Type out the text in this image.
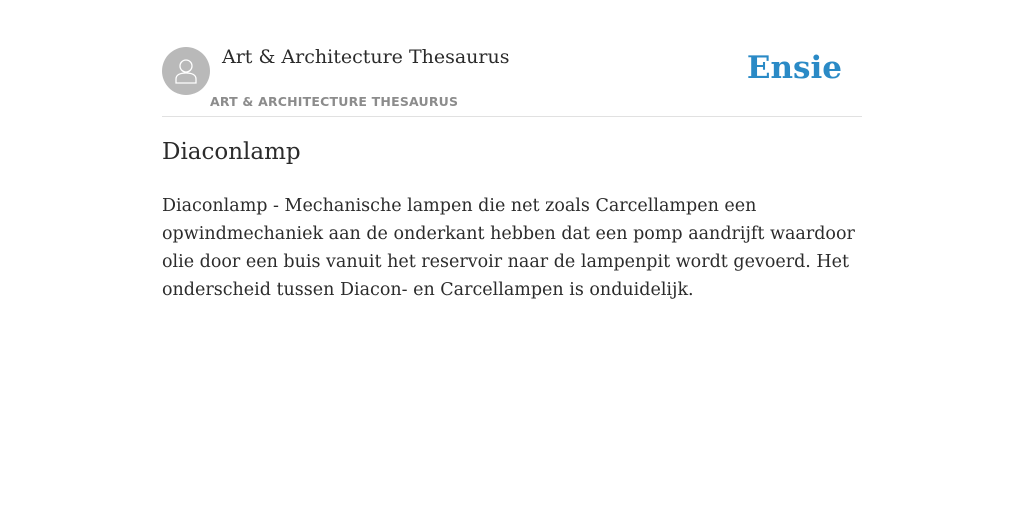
Art & Architecture Thesaurus
ART & ARCHITECTURE THESAURUS
Ensie
Diaconlamp

Diaconlamp - Mechanische lampen die net zoals Carcellampen een opwindmechaniek aan de onderkant hebben dat een pomp aandrijft waardoor olie door een buis vanuit het reservoir naar de lampenpit wordt gevoerd. Het onderscheid tussen Diacon- en Carcellampen is onduidelijk.
